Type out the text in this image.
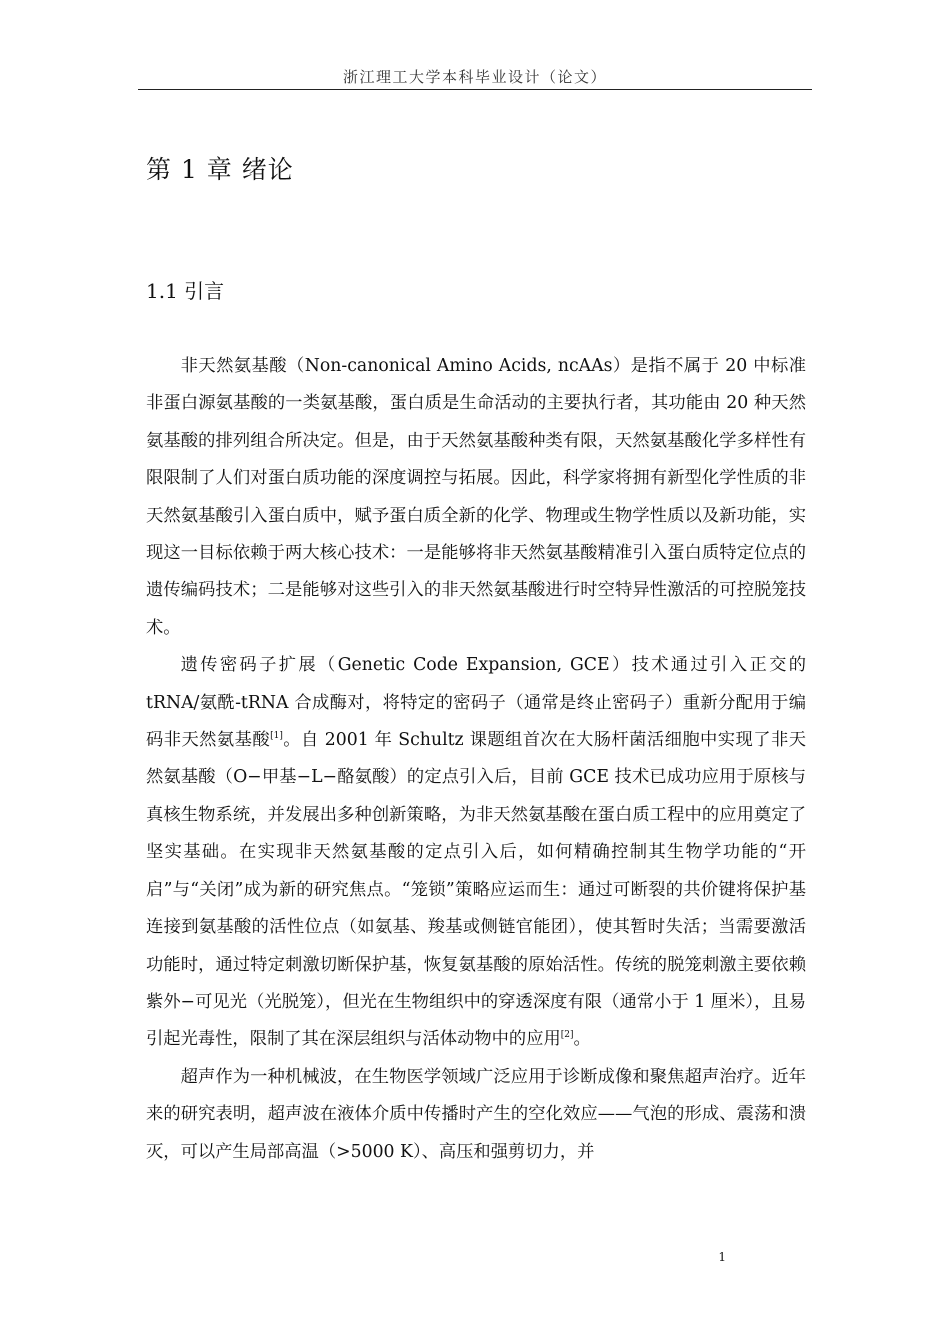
浙江理工大学本科毕业设计（论文）
第 1 章 绪论
1.1 引言

非天然氨基酸（Non-canonical Amino Acids, ncAAs）是指不属于 20 中标准非蛋白源氨基酸的一类氨基酸，蛋白质是生命活动的主要执行者，其功能由 20 种天然氨基酸的排列组合所决定。但是，由于天然氨基酸种类有限，天然氨基酸化学多样性有限限制了人们对蛋白质功能的深度调控与拓展。因此，科学家将拥有新型化学性质的非天然氨基酸引入蛋白质中，赋予蛋白质全新的化学、物理或生物学性质以及新功能，实现这一目标依赖于两大核心技术：一是能够将非天然氨基酸精准引入蛋白质特定位点的遗传编码技术；二是能够对这些引入的非天然氨基酸进行时空特异性激活的可控脱笼技术。

遗传密码子扩展（Genetic Code Expansion, GCE）技术通过引入正交的 tRNA/氨酰-tRNA 合成酶对，将特定的密码子（通常是终止密码子）重新分配用于编码非天然氨基酸[1]。自 2001 年 Schultz 课题组首次在大肠杆菌活细胞中实现了非天然氨基酸（O−甲基−L−酪氨酸）的定点引入后，目前 GCE 技术已成功应用于原核与真核生物系统，并发展出多种创新策略，为非天然氨基酸在蛋白质工程中的应用奠定了坚实基础。在实现非天然氨基酸的定点引入后，如何精确控制其生物学功能的“开启”与“关闭”成为新的研究焦点。“笼锁”策略应运而生：通过可断裂的共价键将保护基连接到氨基酸的活性位点（如氨基、羧基或侧链官能团），使其暂时失活；当需要激活功能时，通过特定刺激切断保护基，恢复氨基酸的原始活性。传统的脱笼刺激主要依赖紫外−可见光（光脱笼），但光在生物组织中的穿透深度有限（通常小于 1 厘米），且易引起光毒性，限制了其在深层组织与活体动物中的应用[2]。

超声作为一种机械波，在生物医学领域广泛应用于诊断成像和聚焦超声治疗。近年来的研究表明，超声波在液体介质中传播时产生的空化效应——气泡的形成、震荡和溃灭，可以产生局部高温（>5000 K）、高压和强剪切力，并

1
